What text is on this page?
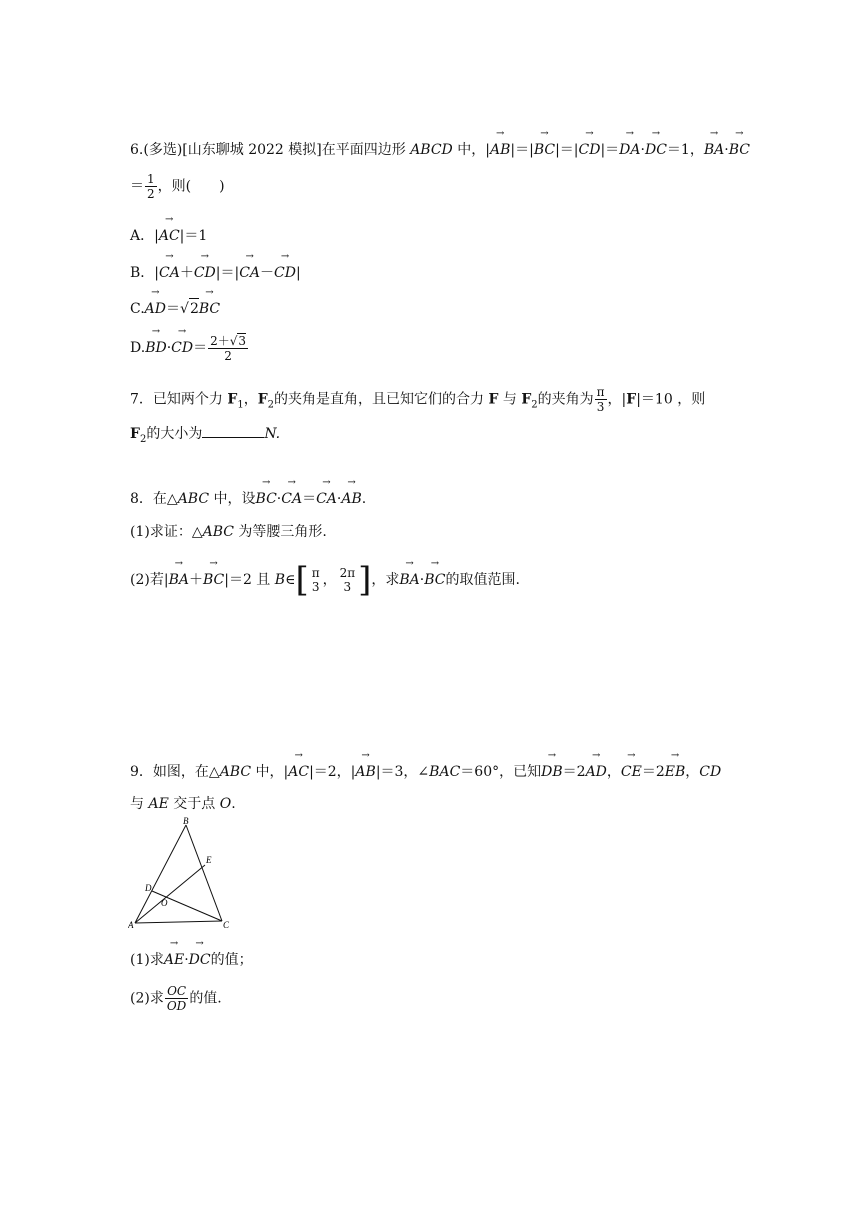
6.(多选)[山东聊城 2022 模拟]在平面四边形 ABCD 中，|→ AB|＝|→ BC|＝|→ CD|＝→ DA·→ DC＝1，→ BA·→ BC
＝ $\frac{1}{2}$ ，则(　　)
A．|→ AC|＝1
B．|→ CA＋→ CD|＝|→ CA－→ CD|
C.→ AD＝√2→ BC
$D.\to BD\cdot\to CD= \frac{2+√3}{2}$
7．已知两个力 $F_1$，$F_2$的夹角是直角，且已知它们的合力 F 与 $F_2$的夹角为 $\frac{\pi}{3}$ ，|F|＝10 ，则
$F_2$的大小为	N.
8．在△ABC 中，设→ BC·→ CA＝→ CA·→ AB.
(1)求证：△ABC 为等腰三角形.
(2)若|→ BA＋→ BC|＝2 且 B∈ [ π
3 ， 2π
3 ] ，求→ BA·→ BC的取值范围.
9．如图，在△ABC 中，|→ AC|＝2，|→ AB|＝3，∠BAC＝60°，已知→ DB＝2→ AD，→ CE＝2→ EB，CD
与 AE 交于点 O.
B
E
D
O
A	C
(1)求→ AE·→ DC的值；
(2)求 $\frac{OC}{OD}$ 的值.
